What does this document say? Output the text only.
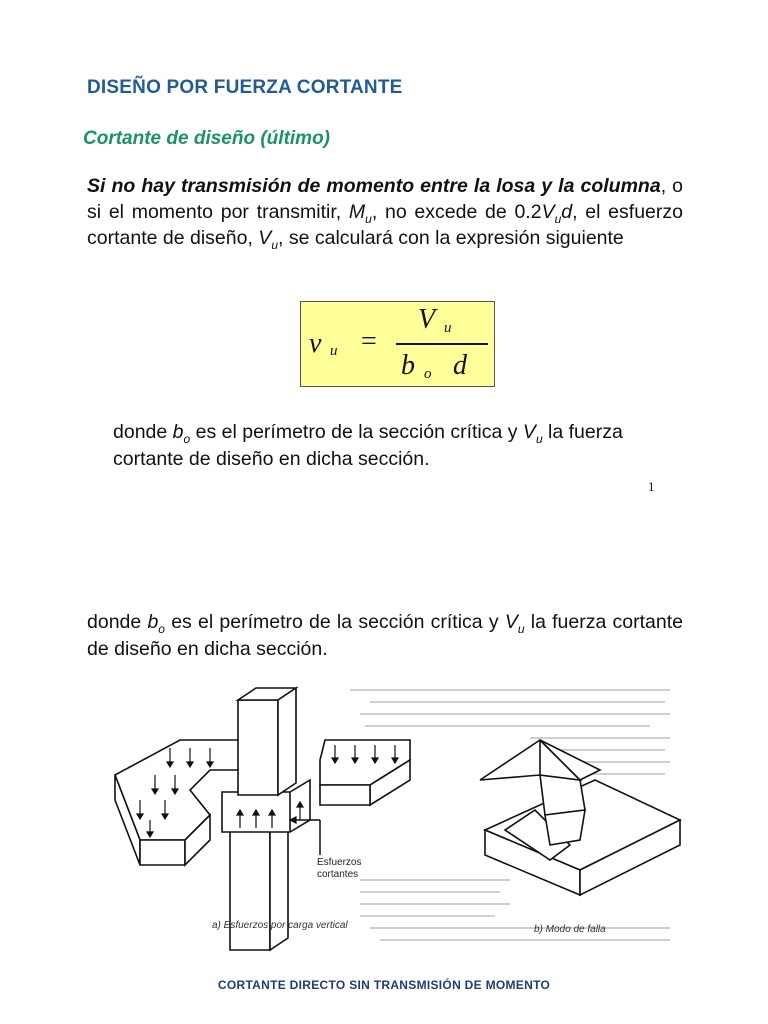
DISEÑO POR FUERZA CORTANTE
Cortante de diseño (último)
Si no hay transmisión de momento entre la losa y la columna, o si el momento por transmitir, $M_u$, no excede de $0.2V_ud$, el esfuerzo cortante de diseño, $V_u$, se calculará con la expresión siguiente
v u =
V u
b o d
donde $b_o$ es el perímetro de la sección crítica y $V_u$ la fuerza cortante de diseño en dicha sección.
1
donde $b_o$ es el perímetro de la sección crítica y $V_u$ la fuerza cortante de diseño en dicha sección.
a) Esfuerzos por carga vertical	b) Modo de falla
Esfuerzos
cortantes
CORTANTE DIRECTO SIN TRANSMISIÓN DE MOMENTO
